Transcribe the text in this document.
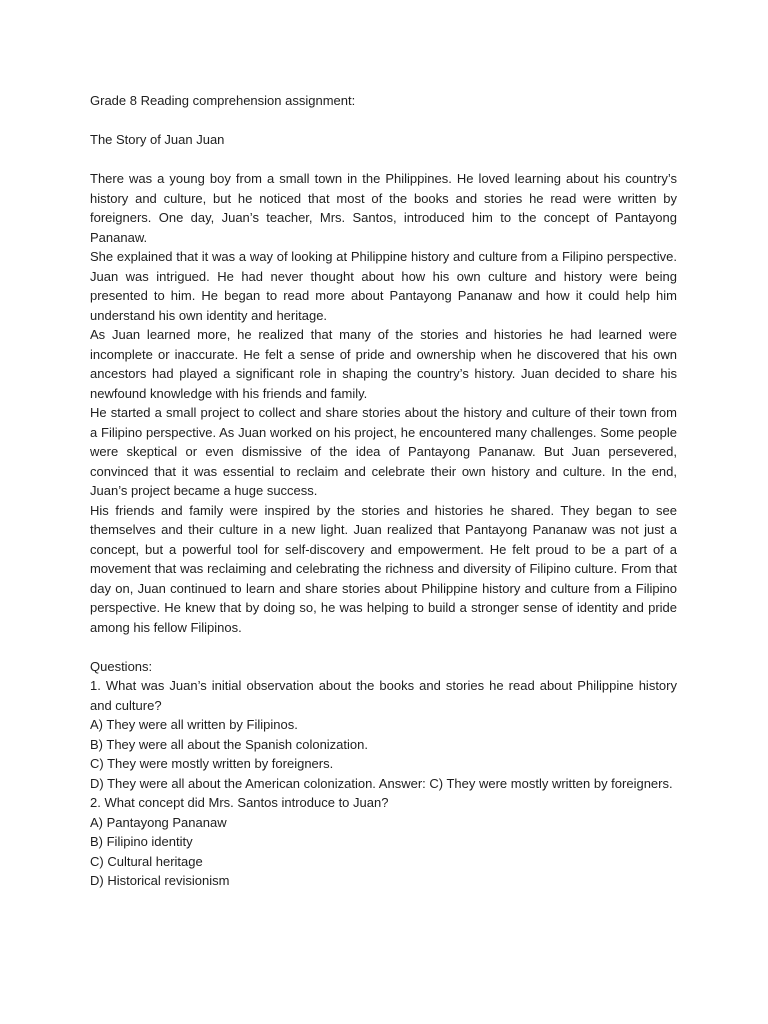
Grade 8 Reading comprehension assignment:

The Story of Juan Juan

There was a young boy from a small town in the Philippines. He loved learning about his country’s history and culture, but he noticed that most of the books and stories he read were written by foreigners. One day, Juan’s teacher, Mrs. Santos, introduced him to the concept of Pantayong Pananaw.

She explained that it was a way of looking at Philippine history and culture from a Filipino perspective. Juan was intrigued. He had never thought about how his own culture and history were being presented to him. He began to read more about Pantayong Pananaw and how it could help him understand his own identity and heritage.

As Juan learned more, he realized that many of the stories and histories he had learned were incomplete or inaccurate. He felt a sense of pride and ownership when he discovered that his own ancestors had played a significant role in shaping the country’s history. Juan decided to share his newfound knowledge with his friends and family.

He started a small project to collect and share stories about the history and culture of their town from a Filipino perspective. As Juan worked on his project, he encountered many challenges. Some people were skeptical or even dismissive of the idea of Pantayong Pananaw. But Juan persevered, convinced that it was essential to reclaim and celebrate their own history and culture. In the end, Juan’s project became a huge success.

His friends and family were inspired by the stories and histories he shared. They began to see themselves and their culture in a new light. Juan realized that Pantayong Pananaw was not just a concept, but a powerful tool for self-discovery and empowerment. He felt proud to be a part of a movement that was reclaiming and celebrating the richness and diversity of Filipino culture. From that day on, Juan continued to learn and share stories about Philippine history and culture from a Filipino perspective. He knew that by doing so, he was helping to build a stronger sense of identity and pride among his fellow Filipinos.

Questions:

1. What was Juan’s initial observation about the books and stories he read about Philippine history and culture?

A) They were all written by Filipinos.

B) They were all about the Spanish colonization.

C) They were mostly written by foreigners.

D) They were all about the American colonization. Answer: C) They were mostly written by foreigners.

2. What concept did Mrs. Santos introduce to Juan?

A) Pantayong Pananaw

B) Filipino identity

C) Cultural heritage

D) Historical revisionism
